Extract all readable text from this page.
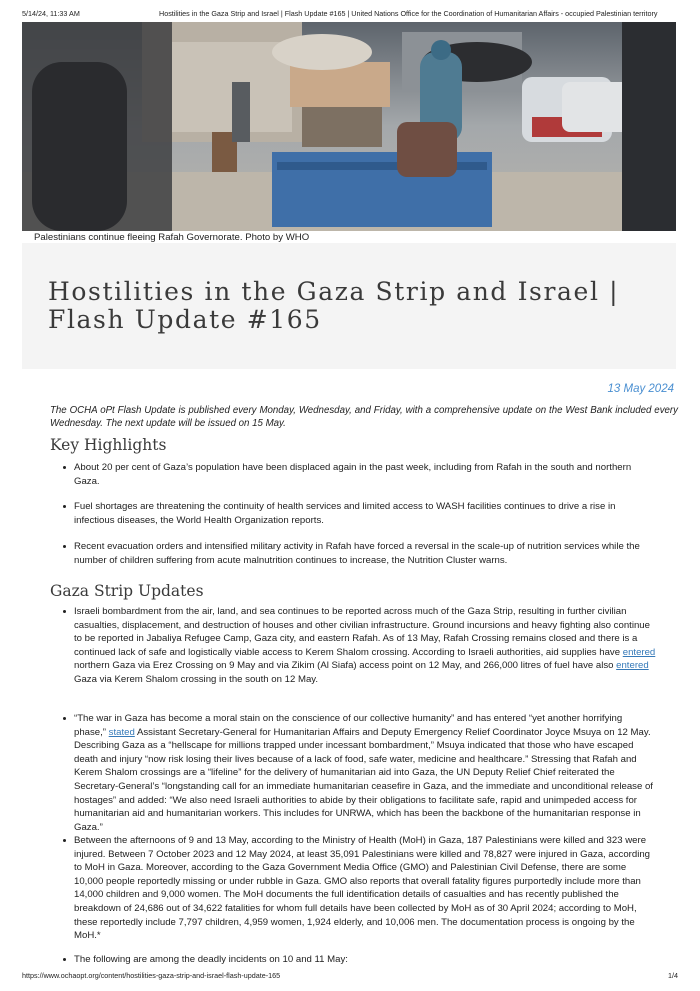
5/14/24, 11:33 AM	Hostilities in the Gaza Strip and Israel | Flash Update #165 | United Nations Office for the Coordination of Humanitarian Affairs - occupied Palestinian territory
Palestinians continue fleeing Rafah Governorate. Photo by WHO
Hostilities in the Gaza Strip and Israel | Flash Update #165
13 May 2024

The OCHA oPt Flash Update is published every Monday, Wednesday, and Friday, with a comprehensive update on the West Bank included every Wednesday. The next update will be issued on 15 May.

Key Highlights
About 20 per cent of Gaza’s population have been displaced again in the past week, including from Rafah in the south and northern Gaza.
Fuel shortages are threatening the continuity of health services and limited access to WASH facilities continues to drive a rise in infectious diseases, the World Health Organization reports.
Recent evacuation orders and intensified military activity in Rafah have forced a reversal in the scale-up of nutrition services while the number of children suffering from acute malnutrition continues to increase, the Nutrition Cluster warns.
Gaza Strip Updates
Israeli bombardment from the air, land, and sea continues to be reported across much of the Gaza Strip, resulting in further civilian casualties, displacement, and destruction of houses and other civilian infrastructure. Ground incursions and heavy fighting also continue to be reported in Jabaliya Refugee Camp, Gaza city, and eastern Rafah. As of 13 May, Rafah Crossing remains closed and there is a continued lack of safe and logistically viable access to Kerem Shalom crossing. According to Israeli authorities, aid supplies have entered northern Gaza via Erez Crossing on 9 May and via Zikim (Al Siafa) access point on 12 May, and 266,000 litres of fuel have also entered Gaza via Kerem Shalom crossing in the south on 12 May.
“The war in Gaza has become a moral stain on the conscience of our collective humanity” and has entered “yet another horrifying phase,” stated Assistant Secretary-General for Humanitarian Affairs and Deputy Emergency Relief Coordinator Joyce Msuya on 12 May. Describing Gaza as a “hellscape for millions trapped under incessant bombardment,” Msuya indicated that those who have escaped death and injury “now risk losing their lives because of a lack of food, safe water, medicine and healthcare.” Stressing that Rafah and Kerem Shalom crossings are a “lifeline” for the delivery of humanitarian aid into Gaza, the UN Deputy Relief Chief reiterated the Secretary-General’s “longstanding call for an immediate humanitarian ceasefire in Gaza, and the immediate and unconditional release of hostages” and added: “We also need Israeli authorities to abide by their obligations to facilitate safe, rapid and unimpeded access for humanitarian aid and humanitarian workers. This includes for UNRWA, which has been the backbone of the humanitarian response in Gaza.”
Between the afternoons of 9 and 13 May, according to the Ministry of Health (MoH) in Gaza, 187 Palestinians were killed and 323 were injured. Between 7 October 2023 and 12 May 2024, at least 35,091 Palestinians were killed and 78,827 were injured in Gaza, according to MoH in Gaza. Moreover, according to the Gaza Government Media Office (GMO) and Palestinian Civil Defense, there are some 10,000 people reportedly missing or under rubble in Gaza. GMO also reports that overall fatality figures purportedly include more than 14,000 children and 9,000 women. The MoH documents the full identification details of casualties and has recently published the breakdown of 24,686 out of 34,622 fatalities for whom full details have been collected by MoH as of 30 April 2024; according to MoH, these reportedly include 7,797 children, 4,959 women, 1,924 elderly, and 10,006 men. The documentation process is ongoing by the MoH.*
The following are among the deadly incidents on 10 and 11 May:
https://www.ochaopt.org/content/hostilities-gaza-strip-and-israel-flash-update-165	1/4
